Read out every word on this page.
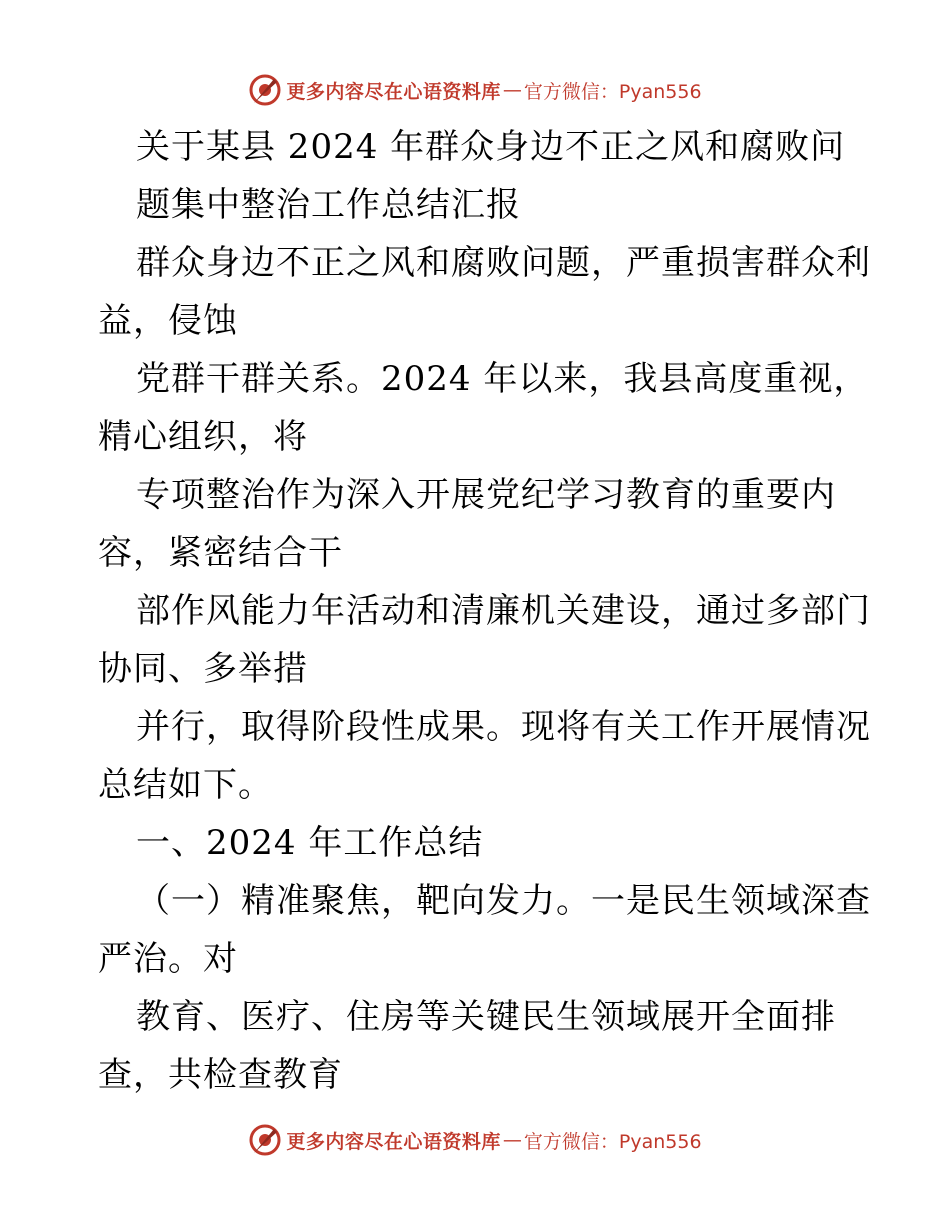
更多内容尽在心语资料库 — 官方微信：Pyan556
关于某县 2024 年群众身边不正之风和腐败问
题集中整治工作总结汇报
群众身边不正之风和腐败问题，严重损害群众利
益，侵蚀
党群干群关系。2024 年以来，我县高度重视，
精心组织，将
专项整治作为深入开展党纪学习教育的重要内
容，紧密结合干
部作风能力年活动和清廉机关建设，通过多部门
协同、多举措
并行，取得阶段性成果。现将有关工作开展情况
总结如下。
一、2024 年工作总结
（一）精准聚焦，靶向发力。一是民生领域深查
严治。对
教育、医疗、住房等关键民生领域展开全面排
查，共检查教育
更多内容尽在心语资料库 — 官方微信：Pyan556
